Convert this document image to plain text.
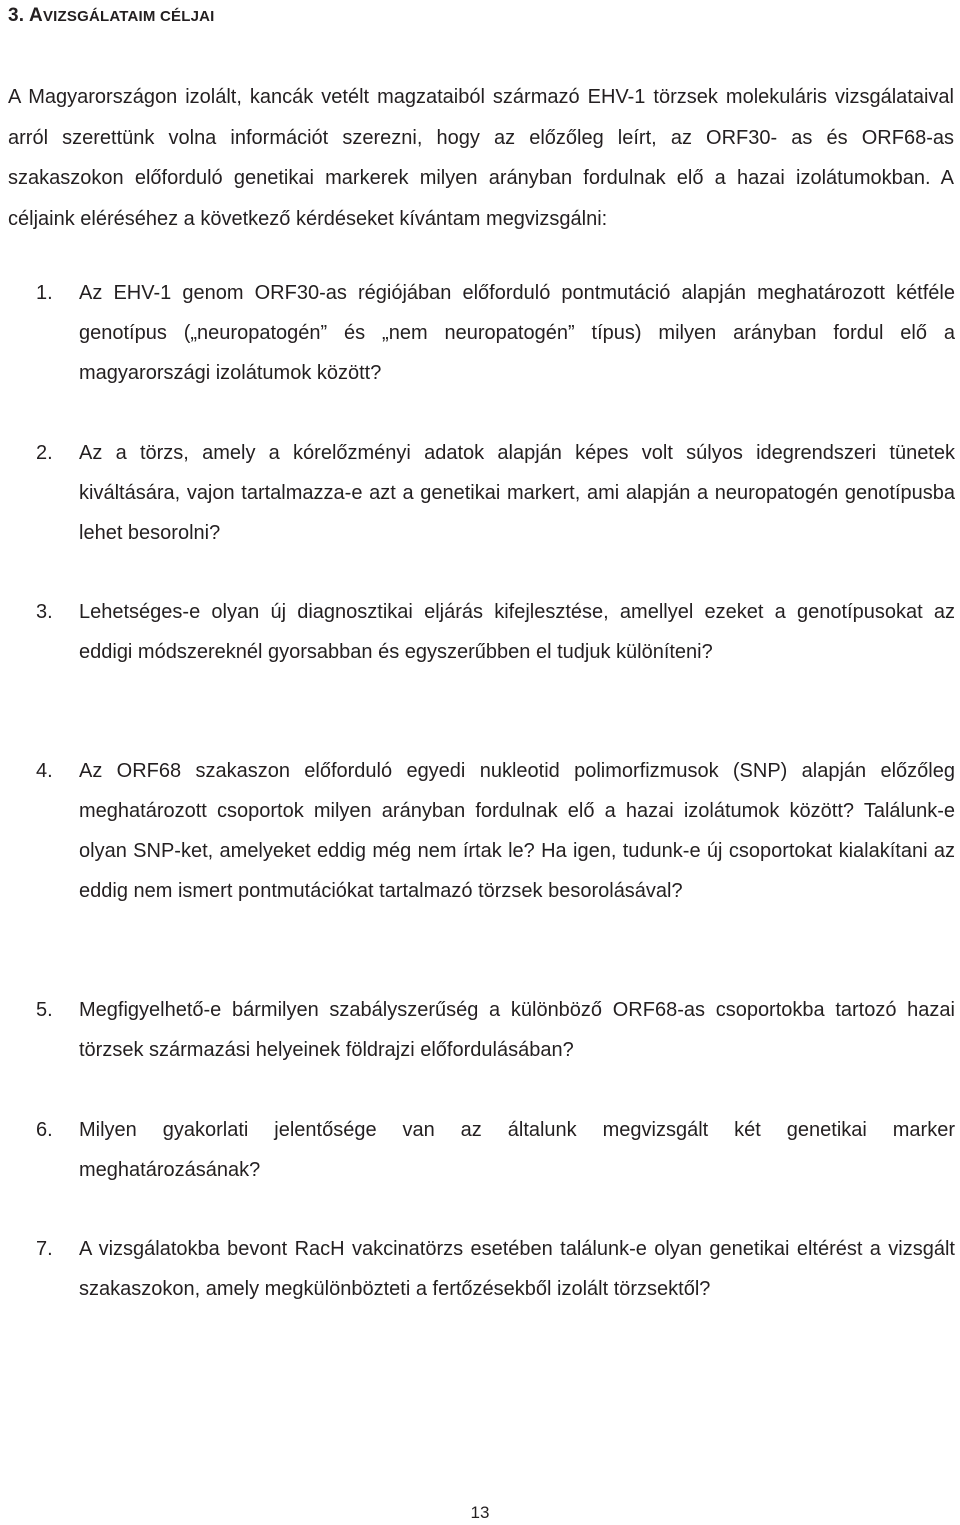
3. AVIZSGÁLATAIM CÉLJAI

A Magyarországon izolált, kancák vetélt magzataiból származó EHV-1 törzsek molekuláris vizsgálataival arról szerettünk volna információt szerezni, hogy az előzőleg leírt, az ORF30- as és ORF68-as szakaszokon előforduló genetikai markerek milyen arányban fordulnak elő a hazai izolátumokban. A céljaink eléréséhez a következő kérdéseket kívántam megvizsgálni:

1.	Az EHV-1 genom ORF30-as régiójában előforduló pontmutáció alapján meghatározott kétféle genotípus („neuropatogén” és „nem neuropatogén” típus) milyen arányban fordul elő a magyarországi izolátumok között?
2.	Az a törzs, amely a kórelőzményi adatok alapján képes volt súlyos idegrendszeri tünetek kiváltására, vajon tartalmazza-e azt a genetikai markert, ami alapján a neuropatogén genotípusba lehet besorolni?
3.	Lehetséges-e olyan új diagnosztikai eljárás kifejlesztése, amellyel ezeket a genotípusokat az eddigi módszereknél gyorsabban és egyszerűbben el tudjuk különíteni?
4.	Az ORF68 szakaszon előforduló egyedi nukleotid polimorfizmusok (SNP) alapján előzőleg meghatározott csoportok milyen arányban fordulnak elő a hazai izolátumok között? Találunk-e olyan SNP-ket, amelyeket eddig még nem írtak le? Ha igen, tudunk-e új csoportokat kialakítani az eddig nem ismert pontmutációkat tartalmazó törzsek besorolásával?
5.	Megfigyelhető-e bármilyen szabályszerűség a különböző ORF68-as csoportokba tartozó hazai törzsek származási helyeinek földrajzi előfordulásában?
6.	Milyen gyakorlati jelentősége van az általunk megvizsgált két genetikai marker meghatározásának?
7.	A vizsgálatokba bevont RacH vakcinatörzs esetében találunk-e olyan genetikai eltérést a vizsgált szakaszokon, amely megkülönbözteti a fertőzésekből izolált törzsektől?
13
